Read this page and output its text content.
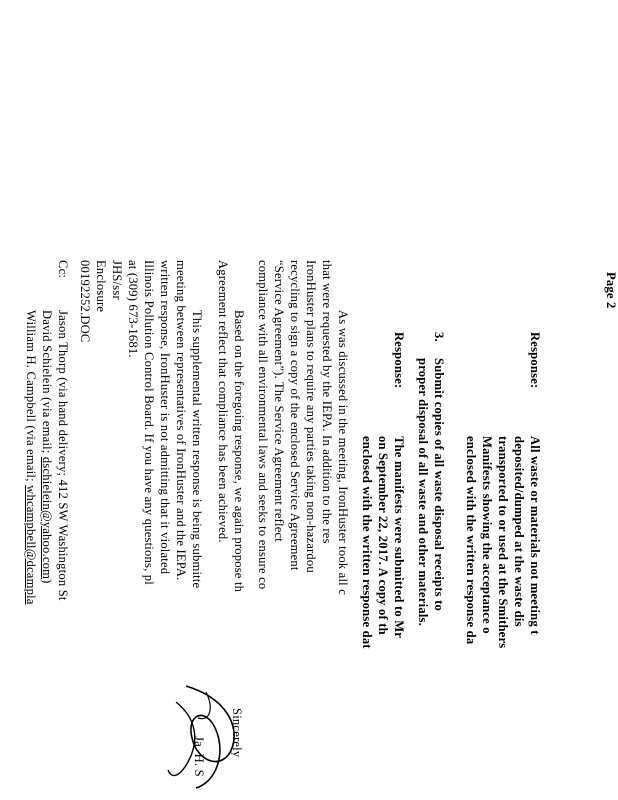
Page 2
Response:
All waste or materials not meeting t
deposited/dumped at the waste dis
transported to or used at the Smithers
Manifests showing the acceptance o
enclosed with the written response da
3.
Submit copies of all waste disposal receipts to
proper disposal of all waste and other materials.
Response:
The manifests were submitted to Mr
on September 22, 2017. A copy of th
enclosed with the written response dat
As was discussed in the meeting, IronHuster took all c
that were requested by the IEPA. In addition to the res
IronHuster plans to require any parties taking non-hazardou
recycling to sign a copy of the enclosed Service Agreement
“Service Agreement”). The Service Agreement reflect
compliance with all environmental laws and seeks to ensure co
Based on the foregoing response, we again propose th
Agreement reflect that compliance has been achieved.
This supplemental written response is being submitte
meeting between representatives of IronHuster and the IEPA.
written response, IronHuster is not admitting that it violated
Illinois Pollution Control Board. If you have any questions, pl
at (309) 673-1681.
Sincerely
Ja. H. S
JHS/ssr
Enclosure
00192252.DOC
Cc:
Jason Thorp (via hand delivery; 412 SW Washington St
David Schielein (via email; dschielein@yahoo.com)
William H. Campbell (via email; whcampbell@dcampla
